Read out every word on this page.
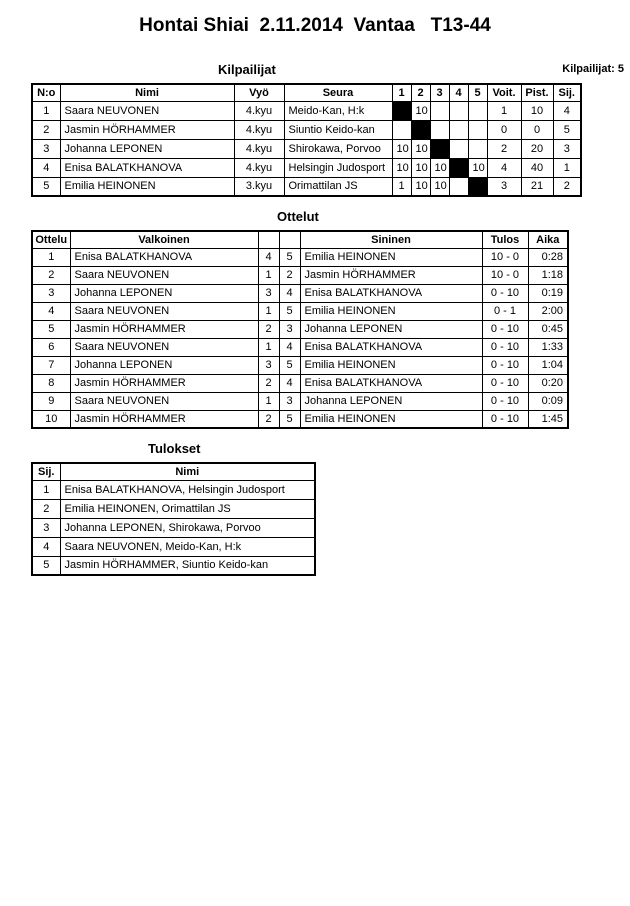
Hontai Shiai  2.11.2014  Vantaa   T13-44
Kilpailijat: 5
Kilpailijat
N:o	Nimi	Vyö	Seura	1	2	3	4	5	Voit.	Pist.	Sij.
1	Saara NEUVONEN	4.kyu	Meido-Kan, H:k		10				1	10	4
2	Jasmin HÖRHAMMER	4.kyu	Siuntio Keido-kan						0	0	5
3	Johanna LEPONEN	4.kyu	Shirokawa, Porvoo	10	10				2	20	3
4	Enisa BALATKHANOVA	4.kyu	Helsingin Judosport	10	10	10		10	4	40	1
5	Emilia HEINONEN	3.kyu	Orimattilan JS	1	10	10			3	21	2
Ottelut
Ottelu	Valkoinen			Sininen	Tulos	Aika
1	Enisa BALATKHANOVA	4	5	Emilia HEINONEN	10 - 0	0:28
2	Saara NEUVONEN	1	2	Jasmin HÖRHAMMER	10 - 0	1:18
3	Johanna LEPONEN	3	4	Enisa BALATKHANOVA	0 - 10	0:19
4	Saara NEUVONEN	1	5	Emilia HEINONEN	0 - 1	2:00
5	Jasmin HÖRHAMMER	2	3	Johanna LEPONEN	0 - 10	0:45
6	Saara NEUVONEN	1	4	Enisa BALATKHANOVA	0 - 10	1:33
7	Johanna LEPONEN	3	5	Emilia HEINONEN	0 - 10	1:04
8	Jasmin HÖRHAMMER	2	4	Enisa BALATKHANOVA	0 - 10	0:20
9	Saara NEUVONEN	1	3	Johanna LEPONEN	0 - 10	0:09
10	Jasmin HÖRHAMMER	2	5	Emilia HEINONEN	0 - 10	1:45
Tulokset
Sij.	Nimi
1	Enisa BALATKHANOVA, Helsingin Judosport
2	Emilia HEINONEN, Orimattilan JS
3	Johanna LEPONEN, Shirokawa, Porvoo
4	Saara NEUVONEN, Meido-Kan, H:k
5	Jasmin HÖRHAMMER, Siuntio Keido-kan
